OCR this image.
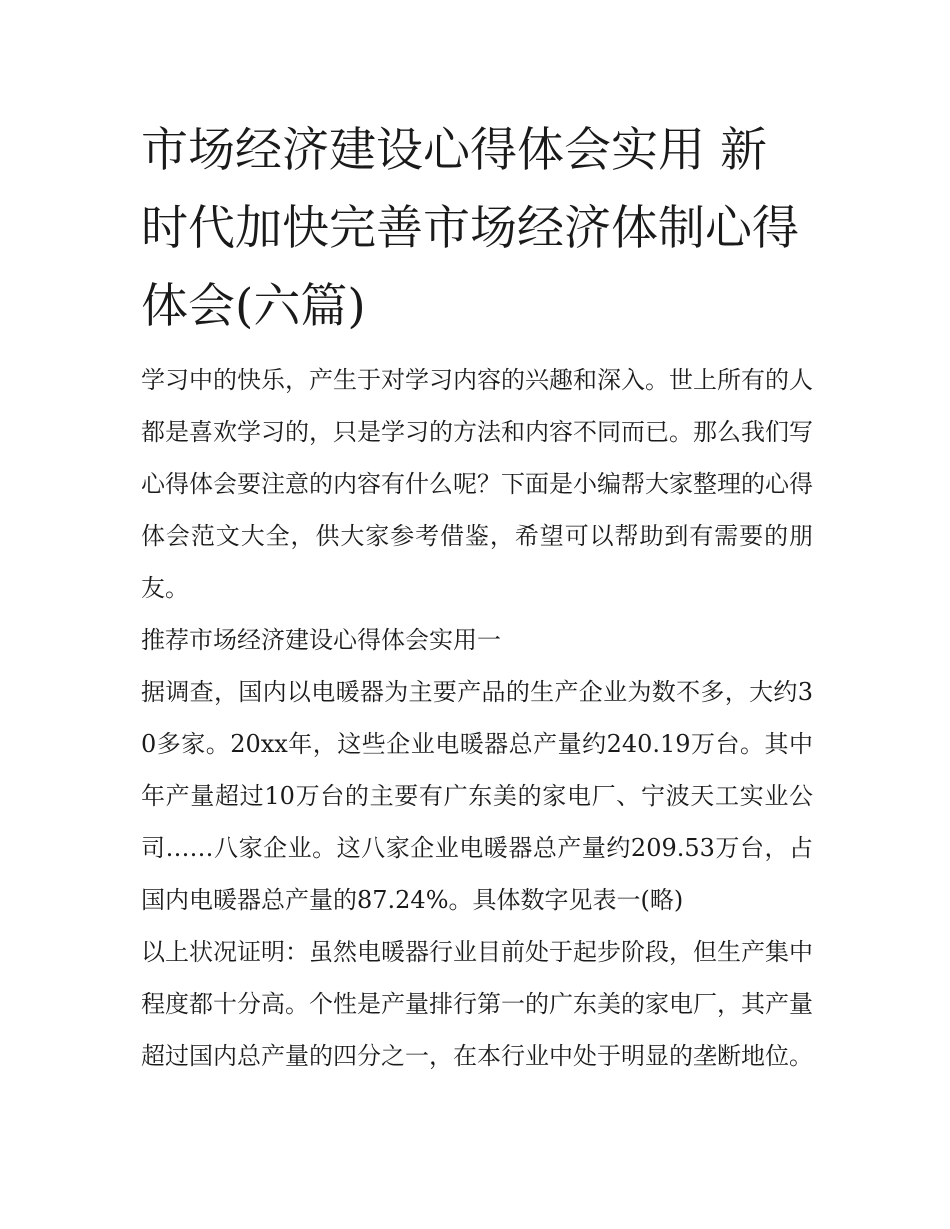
市场经济建设心得体会实用 新时代加快完善市场经济体制心得体会(六篇)

学习中的快乐，产生于对学习内容的兴趣和深入。世上所有的人都是喜欢学习的，只是学习的方法和内容不同而已。那么我们写心得体会要注意的内容有什么呢？下面是小编帮大家整理的心得体会范文大全，供大家参考借鉴，希望可以帮助到有需要的朋友。

推荐市场经济建设心得体会实用一

据调查，国内以电暖器为主要产品的生产企业为数不多，大约30多家。20xx年，这些企业电暖器总产量约240.19万台。其中年产量超过10万台的主要有广东美的家电厂、宁波天工实业公司……八家企业。这八家企业电暖器总产量约209.53万台，占国内电暖器总产量的87.24%。具体数字见表一(略)

以上状况证明：虽然电暖器行业目前处于起步阶段，但生产集中程度都十分高。个性是产量排行第一的广东美的家电厂，其产量超过国内总产量的四分之一，在本行业中处于明显的垄断地位。
